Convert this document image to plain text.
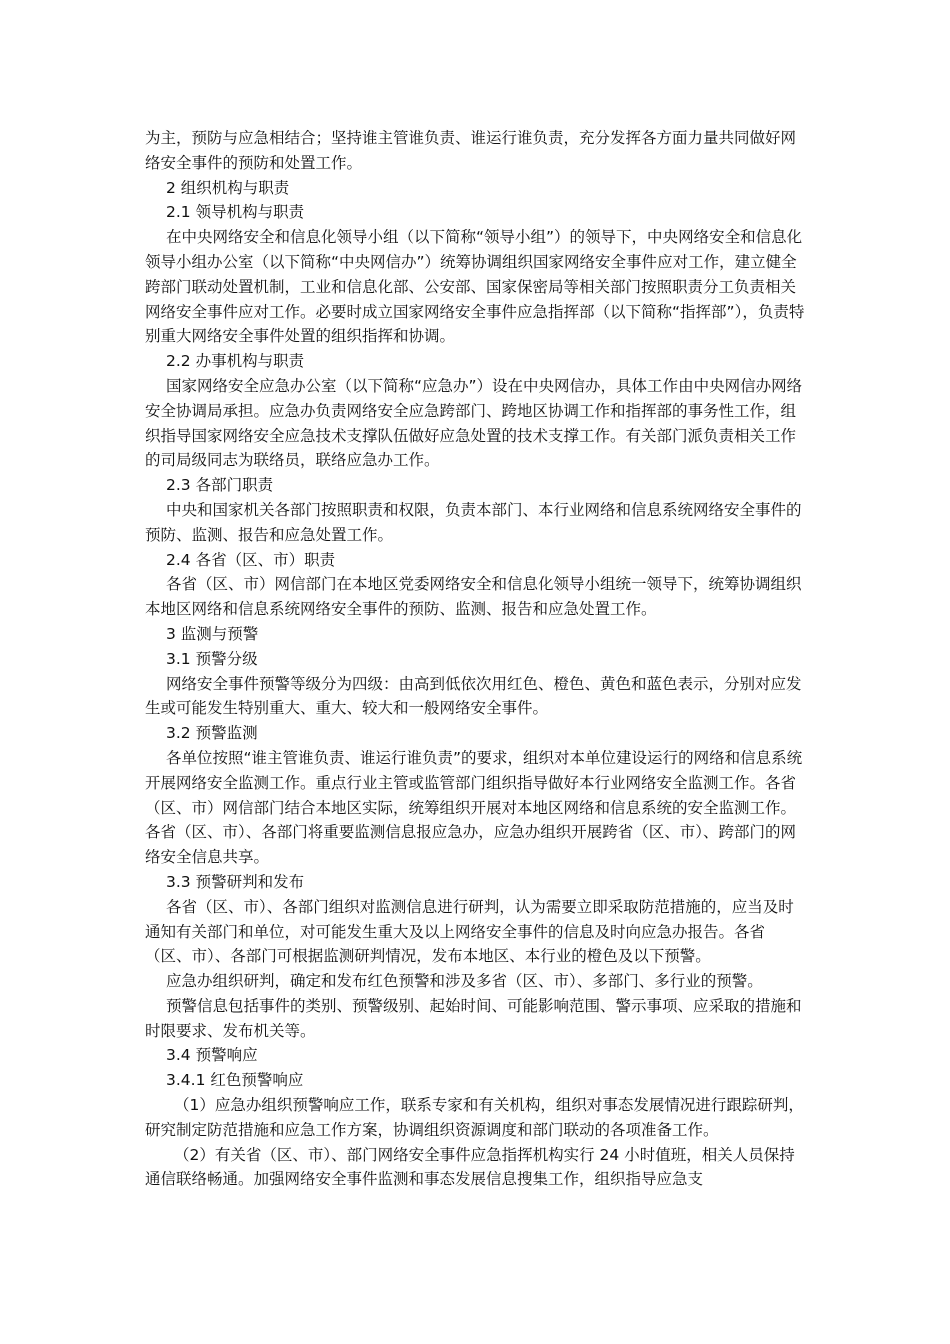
为主，预防与应急相结合；坚持谁主管谁负责、谁运行谁负责，充分发挥各方面力量共同做好网络安全事件的预防和处置工作。

2 组织机构与职责

2.1 领导机构与职责

在中央网络安全和信息化领导小组（以下简称“领导小组”）的领导下，中央网络安全和信息化领导小组办公室（以下简称“中央网信办”）统筹协调组织国家网络安全事件应对工作，建立健全跨部门联动处置机制，工业和信息化部、公安部、国家保密局等相关部门按照职责分工负责相关网络安全事件应对工作。必要时成立国家网络安全事件应急指挥部（以下简称“指挥部”），负责特别重大网络安全事件处置的组织指挥和协调。

2.2 办事机构与职责

国家网络安全应急办公室（以下简称“应急办”）设在中央网信办，具体工作由中央网信办网络安全协调局承担。应急办负责网络安全应急跨部门、跨地区协调工作和指挥部的事务性工作，组织指导国家网络安全应急技术支撑队伍做好应急处置的技术支撑工作。有关部门派负责相关工作的司局级同志为联络员，联络应急办工作。

2.3 各部门职责

中央和国家机关各部门按照职责和权限，负责本部门、本行业网络和信息系统网络安全事件的预防、监测、报告和应急处置工作。

2.4 各省（区、市）职责

各省（区、市）网信部门在本地区党委网络安全和信息化领导小组统一领导下，统筹协调组织本地区网络和信息系统网络安全事件的预防、监测、报告和应急处置工作。

3 监测与预警

3.1 预警分级

网络安全事件预警等级分为四级：由高到低依次用红色、橙色、黄色和蓝色表示，分别对应发生或可能发生特别重大、重大、较大和一般网络安全事件。

3.2 预警监测

各单位按照“谁主管谁负责、谁运行谁负责”的要求，组织对本单位建设运行的网络和信息系统开展网络安全监测工作。重点行业主管或监管部门组织指导做好本行业网络安全监测工作。各省（区、市）网信部门结合本地区实际，统筹组织开展对本地区网络和信息系统的安全监测工作。各省（区、市）、各部门将重要监测信息报应急办，应急办组织开展跨省（区、市）、跨部门的网络安全信息共享。

3.3 预警研判和发布

各省（区、市）、各部门组织对监测信息进行研判，认为需要立即采取防范措施的，应当及时通知有关部门和单位，对可能发生重大及以上网络安全事件的信息及时向应急办报告。各省（区、市）、各部门可根据监测研判情况，发布本地区、本行业的橙色及以下预警。

应急办组织研判，确定和发布红色预警和涉及多省（区、市）、多部门、多行业的预警。

预警信息包括事件的类别、预警级别、起始时间、可能影响范围、警示事项、应采取的措施和时限要求、发布机关等。

3.4 预警响应

3.4.1 红色预警响应

（1）应急办组织预警响应工作，联系专家和有关机构，组织对事态发展情况进行跟踪研判，研究制定防范措施和应急工作方案，协调组织资源调度和部门联动的各项准备工作。

（2）有关省（区、市）、部门网络安全事件应急指挥机构实行 24 小时值班，相关人员保持通信联络畅通。加强网络安全事件监测和事态发展信息搜集工作，组织指导应急支
